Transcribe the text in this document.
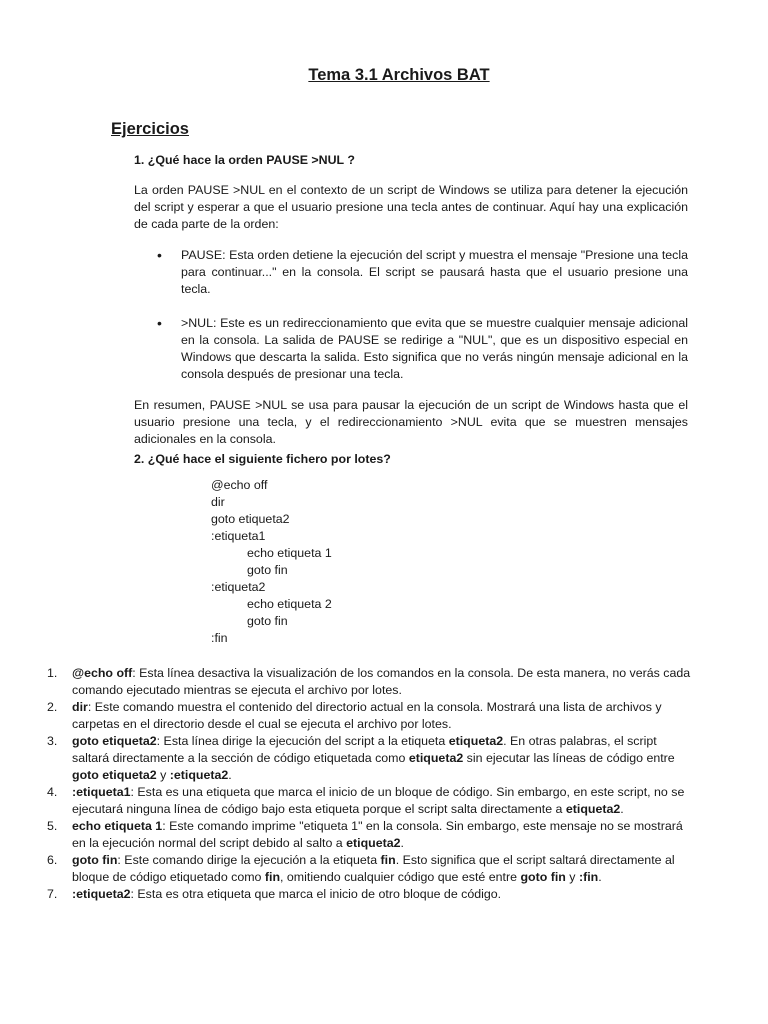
Tema 3.1 Archivos BAT
Ejercicios
1. ¿Qué hace la orden PAUSE >NUL ?

La orden PAUSE >NUL en el contexto de un script de Windows se utiliza para detener la ejecución del script y esperar a que el usuario presione una tecla antes de continuar. Aquí hay una explicación de cada parte de la orden:

• PAUSE: Esta orden detiene la ejecución del script y muestra el mensaje "Presione una tecla para continuar..." en la consola. El script se pausará hasta que el usuario presione una tecla.
• >NUL: Este es un redireccionamiento que evita que se muestre cualquier mensaje adicional en la consola. La salida de PAUSE se redirige a "NUL", que es un dispositivo especial en Windows que descarta la salida. Esto significa que no verás ningún mensaje adicional en la consola después de presionar una tecla.

En resumen, PAUSE >NUL se usa para pausar la ejecución de un script de Windows hasta que el usuario presione una tecla, y el redireccionamiento >NUL evita que se muestren mensajes adicionales en la consola.

2. ¿Qué hace el siguiente fichero por lotes?
@echo off
dir
goto etiqueta2
:etiqueta1
echo etiqueta 1
goto fin
:etiqueta2
echo etiqueta 2
goto fin
:fin
1. @echo off: Esta línea desactiva la visualización de los comandos en la consola. De esta manera, no verás cada comando ejecutado mientras se ejecuta el archivo por lotes.
2. dir: Este comando muestra el contenido del directorio actual en la consola. Mostrará una lista de archivos y carpetas en el directorio desde el cual se ejecuta el archivo por lotes.
3. goto etiqueta2: Esta línea dirige la ejecución del script a la etiqueta etiqueta2. En otras palabras, el script saltará directamente a la sección de código etiquetada como etiqueta2 sin ejecutar las líneas de código entre goto etiqueta2 y :etiqueta2.
4. :etiqueta1: Esta es una etiqueta que marca el inicio de un bloque de código. Sin embargo, en este script, no se ejecutará ninguna línea de código bajo esta etiqueta porque el script salta directamente a etiqueta2.
5. echo etiqueta 1: Este comando imprime "etiqueta 1" en la consola. Sin embargo, este mensaje no se mostrará en la ejecución normal del script debido al salto a etiqueta2.
6. goto fin: Este comando dirige la ejecución a la etiqueta fin. Esto significa que el script saltará directamente al bloque de código etiquetado como fin, omitiendo cualquier código que esté entre goto fin y :fin.
7. :etiqueta2: Esta es otra etiqueta que marca el inicio de otro bloque de código.
